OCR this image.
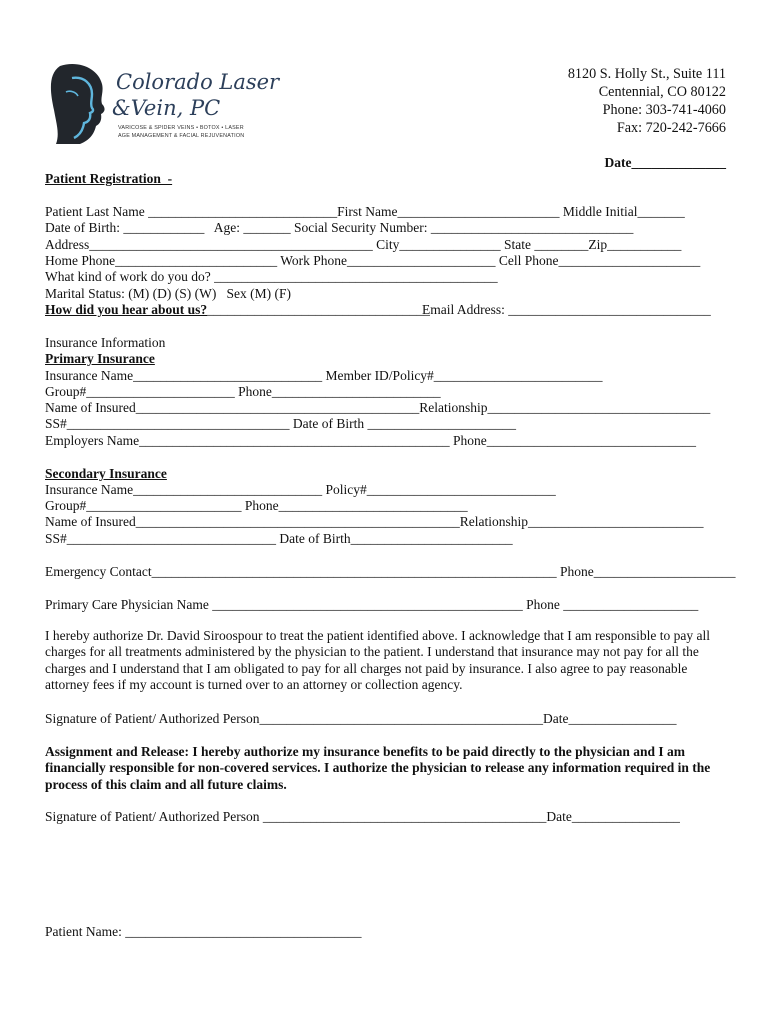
Colorado Laser
&Vein, PC
VARICOSE & SPIDER VEINS • BOTOX • LASER
AGE MANAGEMENT & FACIAL REJUVENATION
8120 S. Holly St., Suite 111
Centennial, CO 80122
Phone: 303-741-4060
Fax: 720-242-7666
Date______________
Patient Registration  -
Patient Last Name ____________________________First Name________________________ Middle Initial_______
Date of Birth: ____________   Age: _______ Social Security Number: ______________________________
Address__________________________________________ City_______________ State ________Zip___________
Home Phone________________________ Work Phone______________________ Cell Phone_____________________
What kind of work do you do? __________________________________________
Marital Status: (M) (D) (S) (W)   Sex (M) (F)
How did you hear about us?_________________________________
Email Address: ______________________________
Insurance Information
Primary Insurance
Insurance Name____________________________ Member ID/Policy#_________________________
Group#______________________ Phone_________________________
Name of Insured__________________________________________Relationship_________________________________
SS#_________________________________ Date of Birth ______________________
Employers Name______________________________________________ Phone_______________________________
Secondary Insurance
Insurance Name____________________________ Policy#____________________________
Group#_______________________ Phone____________________________
Name of Insured________________________________________________Relationship__________________________
SS#_______________________________ Date of Birth________________________
Emergency Contact____________________________________________________________ Phone_____________________
Primary Care Physician Name ______________________________________________ Phone ____________________
I hereby authorize Dr. David Siroospour to treat the patient identified above. I acknowledge that I am responsible to pay all charges for all treatments administered by the physician to the patient. I understand that insurance may not pay for all the charges and I understand that I am obligated to pay for all charges not paid by insurance. I also agree to pay reasonable attorney fees if my account is turned over to an attorney or collection agency.
Signature of Patient/ Authorized Person__________________________________________Date________________
Assignment and Release: I hereby authorize my insurance benefits to be paid directly to the physician and I am financially responsible for non-covered services. I authorize the physician to release any information required in the process of this claim and all future claims.
Signature of Patient/ Authorized Person __________________________________________Date________________
Patient Name: ___________________________________
